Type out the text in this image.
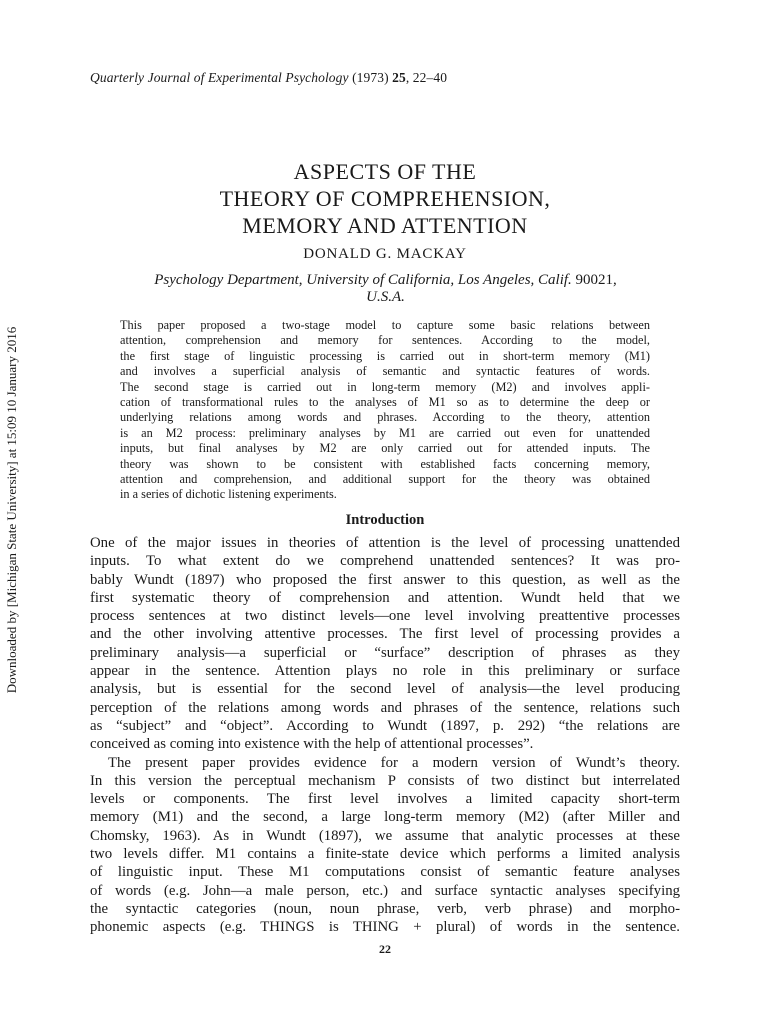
Downloaded by [Michigan State University] at 15:09 10 January 2016
Quarterly Journal of Experimental Psychology (1973) 25, 22–40
ASPECTS OF THE
THEORY OF COMPREHENSION,
MEMORY AND ATTENTION
DONALD G. MACKAY
Psychology Department, University of California, Los Angeles, Calif. 90021,
U.S.A.
This paper proposed a two-stage model to capture some basic relations between
attention, comprehension and memory for sentences. According to the model,
the first stage of linguistic processing is carried out in short-term memory (M1)
and involves a superficial analysis of semantic and syntactic features of words.
The second stage is carried out in long-term memory (M2) and involves appli-
cation of transformational rules to the analyses of M1 so as to determine the deep or
underlying relations among words and phrases. According to the theory, attention
is an M2 process: preliminary analyses by M1 are carried out even for unattended
inputs, but final analyses by M2 are only carried out for attended inputs. The
theory was shown to be consistent with established facts concerning memory,
attention and comprehension, and additional support for the theory was obtained
in a series of dichotic listening experiments.
Introduction
One of the major issues in theories of attention is the level of processing unattended
inputs. To what extent do we comprehend unattended sentences? It was pro-
bably Wundt (1897) who proposed the first answer to this question, as well as the
first systematic theory of comprehension and attention. Wundt held that we
process sentences at two distinct levels—one level involving preattentive processes
and the other involving attentive processes. The first level of processing provides a
preliminary analysis—a superficial or “surface” description of phrases as they
appear in the sentence. Attention plays no role in this preliminary or surface
analysis, but is essential for the second level of analysis—the level producing
perception of the relations among words and phrases of the sentence, relations such
as “subject” and “object”. According to Wundt (1897, p. 292) “the relations are
conceived as coming into existence with the help of attentional processes”.
The present paper provides evidence for a modern version of Wundt’s theory.
In this version the perceptual mechanism P consists of two distinct but interrelated
levels or components. The first level involves a limited capacity short-term
memory (M1) and the second, a large long-term memory (M2) (after Miller and
Chomsky, 1963). As in Wundt (1897), we assume that analytic processes at these
two levels differ. M1 contains a finite-state device which performs a limited analysis
of linguistic input. These M1 computations consist of semantic feature analyses
of words (e.g. John—a male person, etc.) and surface syntactic analyses specifying
the syntactic categories (noun, noun phrase, verb, verb phrase) and morpho-
phonemic aspects (e.g. THINGS is THING + plural) of words in the sentence.
22
